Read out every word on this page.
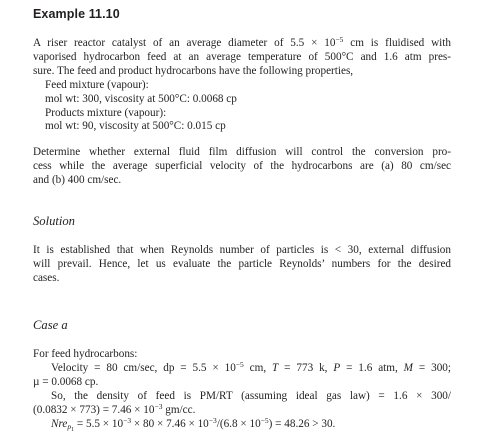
Example 11.10
A riser reactor catalyst of an average diameter of $5.5 \times 10^{-5}$ cm is fluidised with
vaporised hydrocarbon feed at an average temperature of 500°C and 1.6 atm pres-
sure. The feed and product hydrocarbons have the following properties,
Feed mixture (vapour):
mol wt: 300, viscosity at 500°C: 0.0068 cp
Products mixture (vapour):
mol wt: 90, viscosity at 500°C: 0.015 cp
Determine whether external fluid film diffusion will control the conversion pro-
cess while the average superficial velocity of the hydrocarbons are (a) 80 cm/sec
and (b) 400 cm/sec.
Solution
It is established that when Reynolds number of particles is < 30, external diffusion
will prevail. Hence, let us evaluate the particle Reynolds’ numbers for the desired
cases.
Case a
For feed hydrocarbons:
Velocity = 80 cm/sec, dp = $5.5 \times 10^{-5}$ cm, T = 773 k, P = 1.6 atm, M = 300;
µ = 0.0068 cp.
So, the density of feed is PM/RT (assuming ideal gas law) = 1.6 × 300/
$(0.0832 \times 773) = 7.46 \times 10^{-3}$ gm/cc.
$Nre_{p_1} = 5.5 \times 10^{-3} \times 80 \times 7.46 \times 10^{-3}/(6.8 \times 10^{-5}) = 48.26 > 30$.
